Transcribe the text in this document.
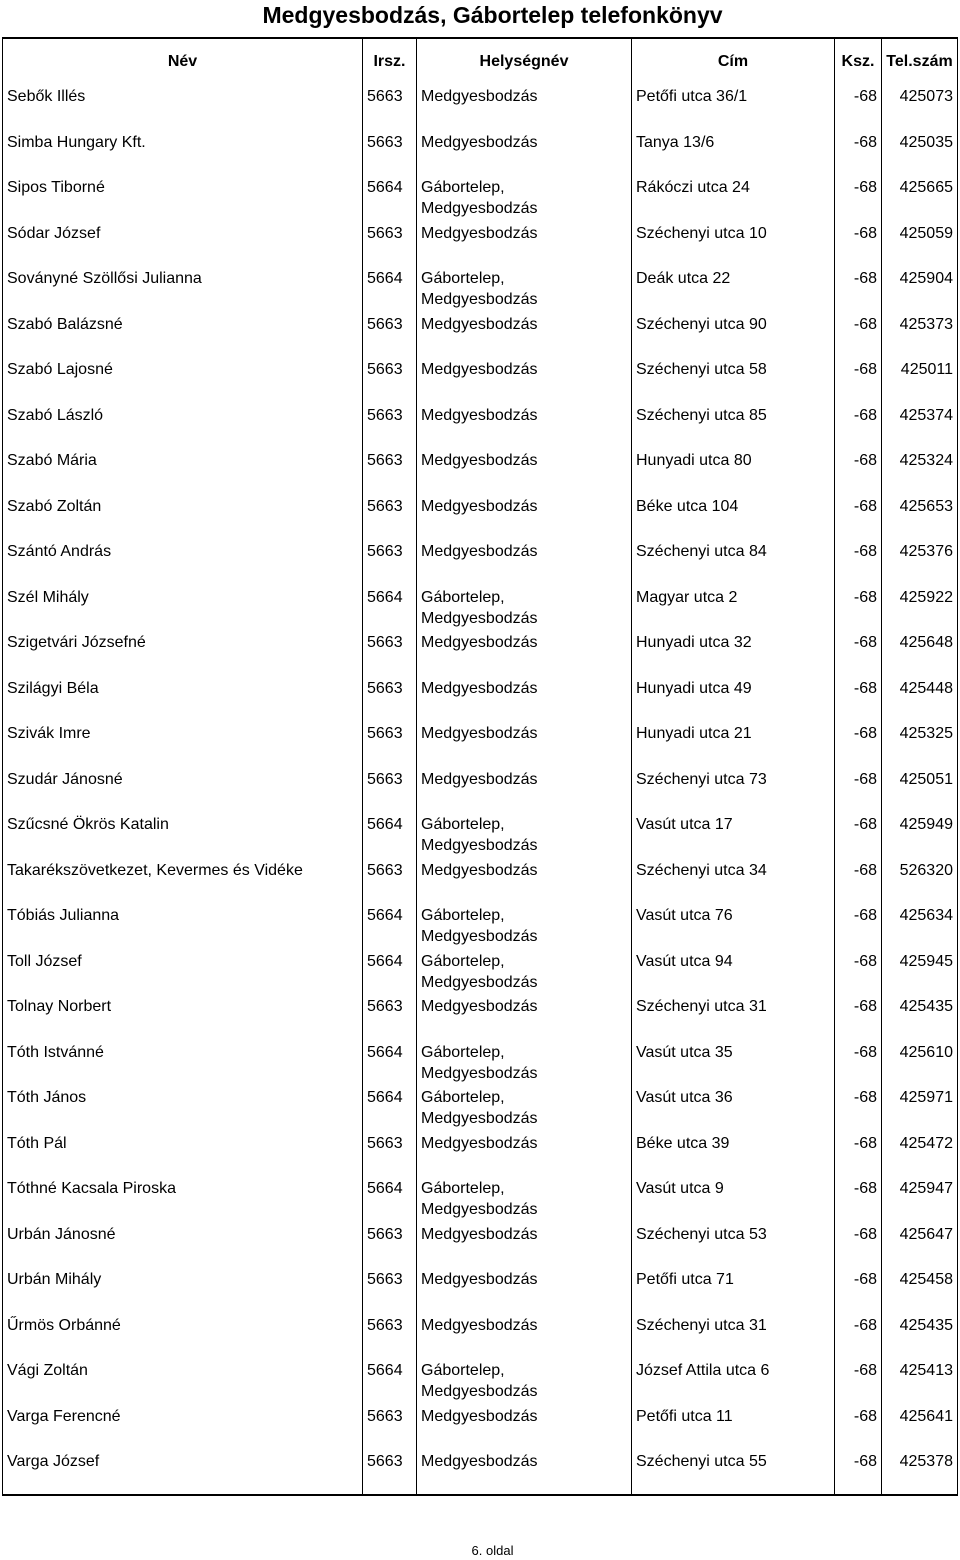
Medgyesbodzás, Gábortelep telefonkönyv
Név	Irsz.	Helységnév	Cím	Ksz.	Tel.szám
Sebők Illés	5663	Medgyesbodzás	Petőfi utca 36/1	-68	425073
Simba Hungary Kft.	5663	Medgyesbodzás	Tanya 13/6	-68	425035
Sipos Tiborné	5664	Gábortelep,
Medgyesbodzás	Rákóczi utca 24	-68	425665
Sódar József	5663	Medgyesbodzás	Széchenyi utca 10	-68	425059
Soványné Szöllősi Julianna	5664	Gábortelep,
Medgyesbodzás	Deák utca 22	-68	425904
Szabó Balázsné	5663	Medgyesbodzás	Széchenyi utca 90	-68	425373
Szabó Lajosné	5663	Medgyesbodzás	Széchenyi utca 58	-68	425011
Szabó László	5663	Medgyesbodzás	Széchenyi utca 85	-68	425374
Szabó Mária	5663	Medgyesbodzás	Hunyadi utca 80	-68	425324
Szabó Zoltán	5663	Medgyesbodzás	Béke utca 104	-68	425653
Szántó András	5663	Medgyesbodzás	Széchenyi utca 84	-68	425376
Szél Mihály	5664	Gábortelep,
Medgyesbodzás	Magyar utca 2	-68	425922
Szigetvári Józsefné	5663	Medgyesbodzás	Hunyadi utca 32	-68	425648
Szilágyi Béla	5663	Medgyesbodzás	Hunyadi utca 49	-68	425448
Szivák Imre	5663	Medgyesbodzás	Hunyadi utca 21	-68	425325
Szudár Jánosné	5663	Medgyesbodzás	Széchenyi utca 73	-68	425051
Szűcsné Ökrös Katalin	5664	Gábortelep,
Medgyesbodzás	Vasút utca 17	-68	425949
Takarékszövetkezet, Kevermes és Vidéke	5663	Medgyesbodzás	Széchenyi utca 34	-68	526320
Tóbiás Julianna	5664	Gábortelep,
Medgyesbodzás	Vasút utca 76	-68	425634
Toll József	5664	Gábortelep,
Medgyesbodzás	Vasút utca 94	-68	425945
Tolnay Norbert	5663	Medgyesbodzás	Széchenyi utca 31	-68	425435
Tóth Istvánné	5664	Gábortelep,
Medgyesbodzás	Vasút utca 35	-68	425610
Tóth János	5664	Gábortelep,
Medgyesbodzás	Vasút utca 36	-68	425971
Tóth Pál	5663	Medgyesbodzás	Béke utca 39	-68	425472
Tóthné Kacsala Piroska	5664	Gábortelep,
Medgyesbodzás	Vasút utca 9	-68	425947
Urbán Jánosné	5663	Medgyesbodzás	Széchenyi utca 53	-68	425647
Urbán Mihály	5663	Medgyesbodzás	Petőfi utca 71	-68	425458
Űrmös Orbánné	5663	Medgyesbodzás	Széchenyi utca 31	-68	425435
Vági Zoltán	5664	Gábortelep,
Medgyesbodzás	József Attila utca 6	-68	425413
Varga Ferencné	5663	Medgyesbodzás	Petőfi utca 11	-68	425641
Varga József	5663	Medgyesbodzás	Széchenyi utca 55	-68	425378
6. oldal
